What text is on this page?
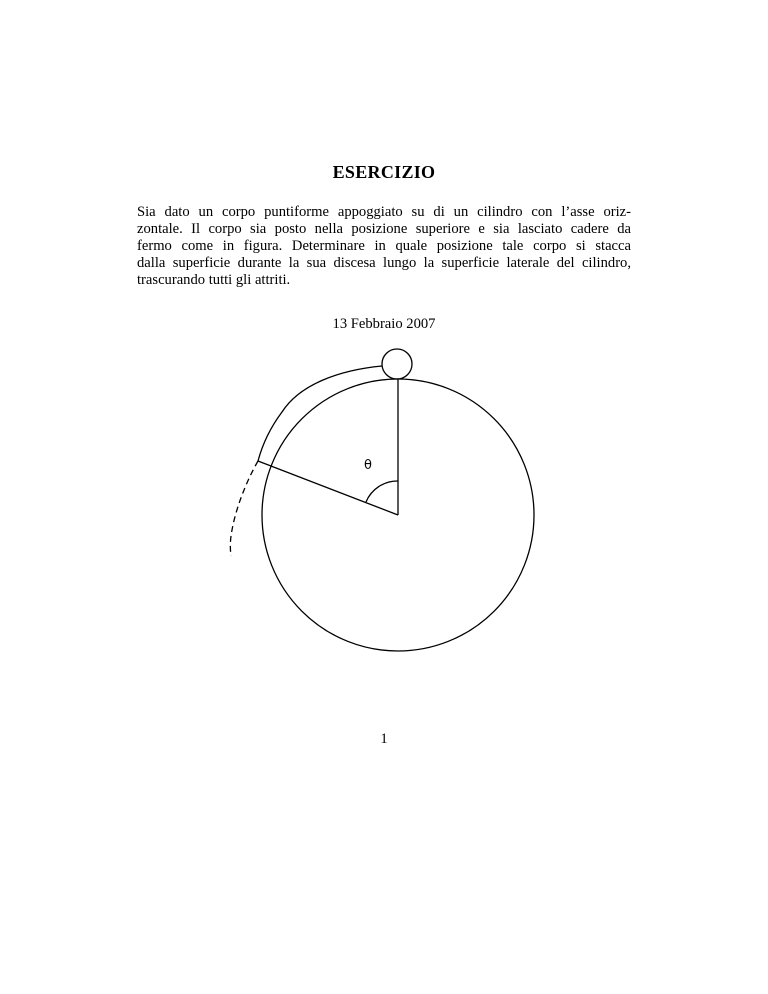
ESERCIZIO
Sia dato un corpo puntiforme appoggiato su di un cilindro con l’asse oriz-
zontale. Il corpo sia posto nella posizione superiore e sia lasciato cadere da
fermo come in figura. Determinare in quale posizione tale corpo si stacca
dalla superficie durante la sua discesa lungo la superficie laterale del cilindro,
trascurando tutti gli attriti.
13 Febbraio 2007
θ
1
